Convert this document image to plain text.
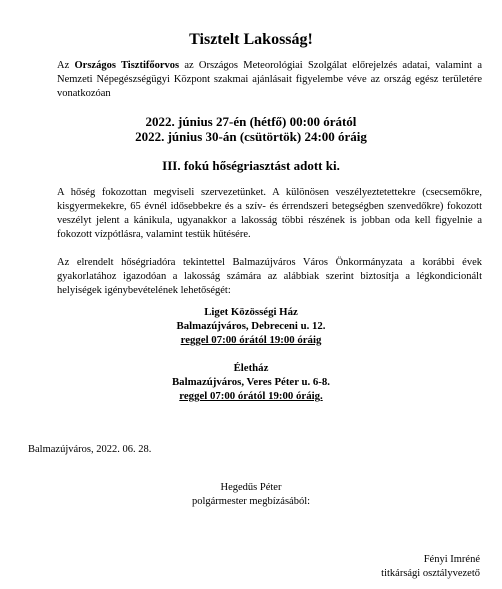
Tisztelt Lakosság!
Az Országos Tisztifőorvos az Országos Meteorológiai Szolgálat előrejelzés adatai, valamint a Nemzeti Népegészségügyi Központ szakmai ajánlásait figyelembe véve az ország egész területére vonatkozóan
2022. június 27-én (hétfő) 00:00 órától
2022. június 30-án (csütörtök) 24:00 óráig
III. fokú hőségriasztást adott ki.
A hőség fokozottan megviseli szervezetünket. A különösen veszélyeztetettekre (csecsemőkre, kisgyermekekre, 65 évnél idősebbekre és a szív- és érrendszeri betegségben szenvedőkre) fokozott veszélyt jelent a kánikula, ugyanakkor a lakosság többi részének is jobban oda kell figyelnie a fokozott vízpótlásra, valamint testük hűtésére.
Az elrendelt hőségriadóra tekintettel Balmazújváros Város Önkormányzata a korábbi évek gyakorlatához igazodóan a lakosság számára az alábbiak szerint biztosítja a légkondicionált helyiségek igénybevételének lehetőségét:
Liget Közösségi Ház
Balmazújváros, Debreceni u. 12.
reggel 07:00 órától 19:00 óráig
Életház
Balmazújváros, Veres Péter u. 6-8.
reggel 07:00 órától 19:00 óráig.
Balmazújváros, 2022. 06. 28.
Hegedűs Péter
polgármester megbízásából:
Fényi Imréné
titkársági osztályvezető
